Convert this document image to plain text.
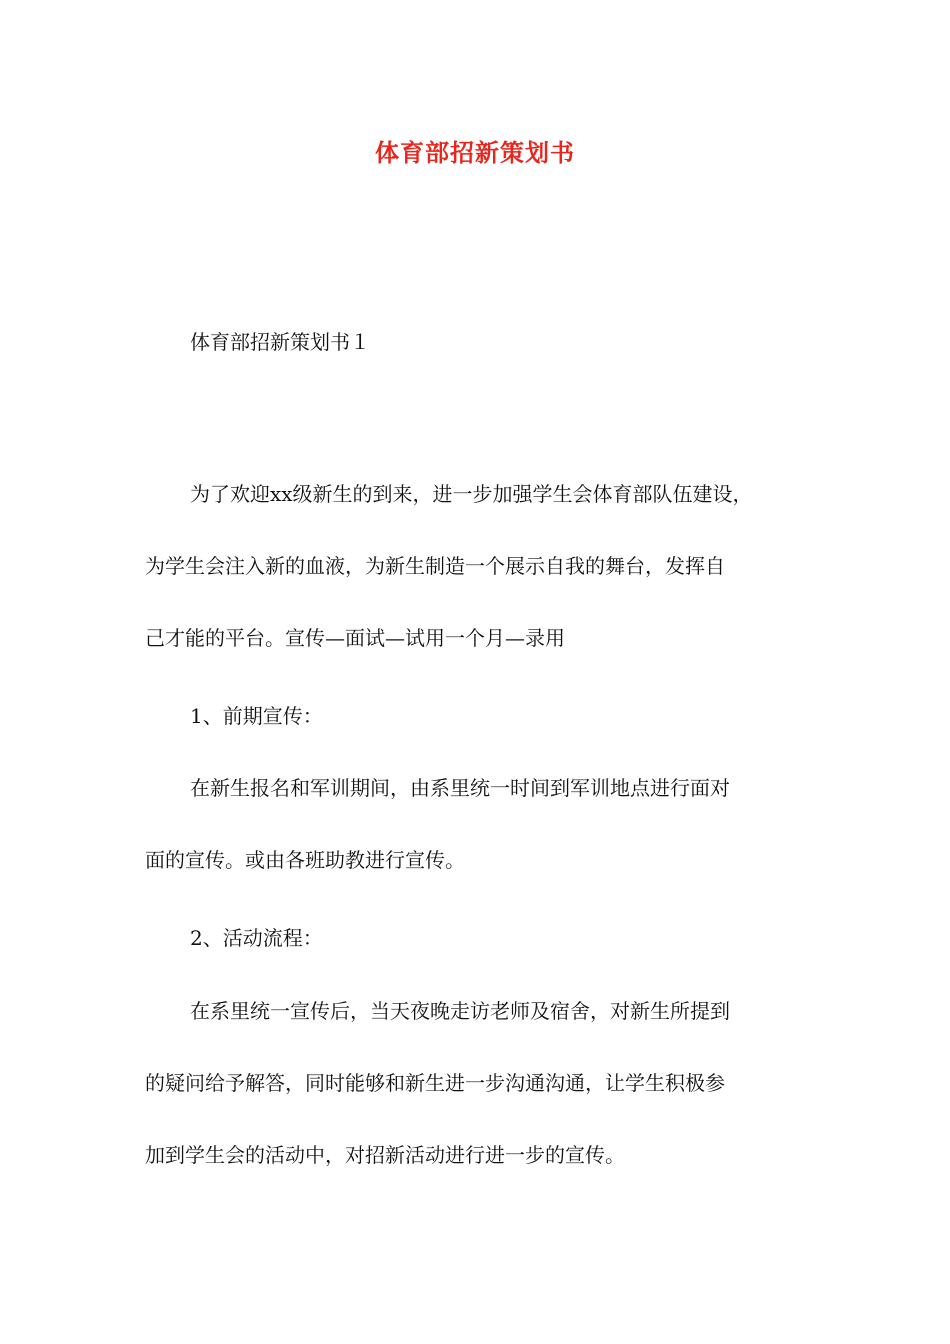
体育部招新策划书
体育部招新策划书１
为了欢迎xx级新生的到来，进一步加强学生会体育部队伍建设，
为学生会注入新的血液，为新生制造一个展示自我的舞台，发挥自
己才能的平台。宣传—面试—试用一个月—录用
1、前期宣传：
在新生报名和军训期间，由系里统一时间到军训地点进行面对
面的宣传。或由各班助教进行宣传。
2、活动流程：
在系里统一宣传后，当天夜晚走访老师及宿舍，对新生所提到
的疑问给予解答，同时能够和新生进一步沟通沟通，让学生积极参
加到学生会的活动中，对招新活动进行进一步的宣传。
